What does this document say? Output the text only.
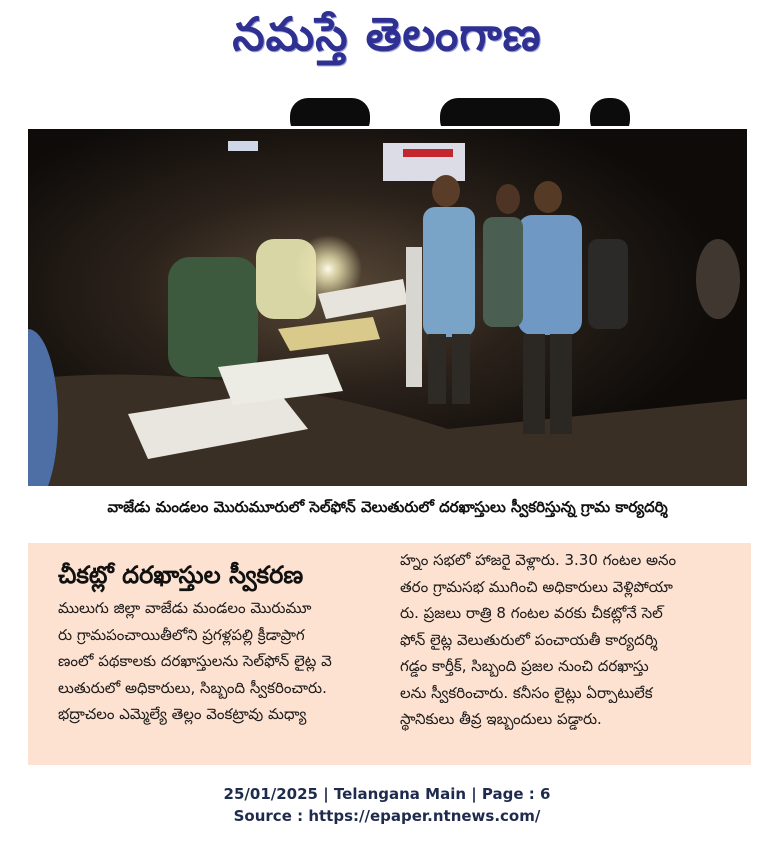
నమస్తే తెలంగాణ
వాజేడు మండలం మొరుమూరులో సెల్‌ఫోన్ వెలుతురులో దరఖాస్తులు స్వీకరిస్తున్న గ్రామ కార్యదర్శి
చీకట్లో దరఖాస్తుల స్వీకరణ
ములుగు జిల్లా వాజేడు మండలం మొరుమూ
రు గ్రామపంచాయితీలోని ప్రగళ్లపల్లి క్రీడాప్రాగ
ణంలో పథకాలకు దరఖాస్తులను సెల్‌ఫోన్ లైట్ల వె
లుతురులో అధికారులు, సిబ్బంది స్వీకరించారు.
భద్రాచలం ఎమ్మెల్యే తెల్లం వెంకట్రావు మధ్యా
హ్నం సభలో హాజరై వెళ్లారు. 3.30 గంటల అనం
తరం గ్రామసభ ముగించి అధికారులు వెళ్లిపోయా
రు. ప్రజలు రాత్రి 8 గంటల వరకు చీకట్లోనే సెల్
ఫోన్ లైట్ల వెలుతురులో పంచాయతీ కార్యదర్శి
గడ్డం కార్తీక్, సిబ్బంది ప్రజల నుంచి దరఖాస్తు
లను స్వీకరించారు. కనీసం లైట్లు ఏర్పాటులేక
స్థానికులు తీవ్ర ఇబ్బందులు పడ్డారు.
25/01/2025 | Telangana Main | Page : 6
Source : https://epaper.ntnews.com/
